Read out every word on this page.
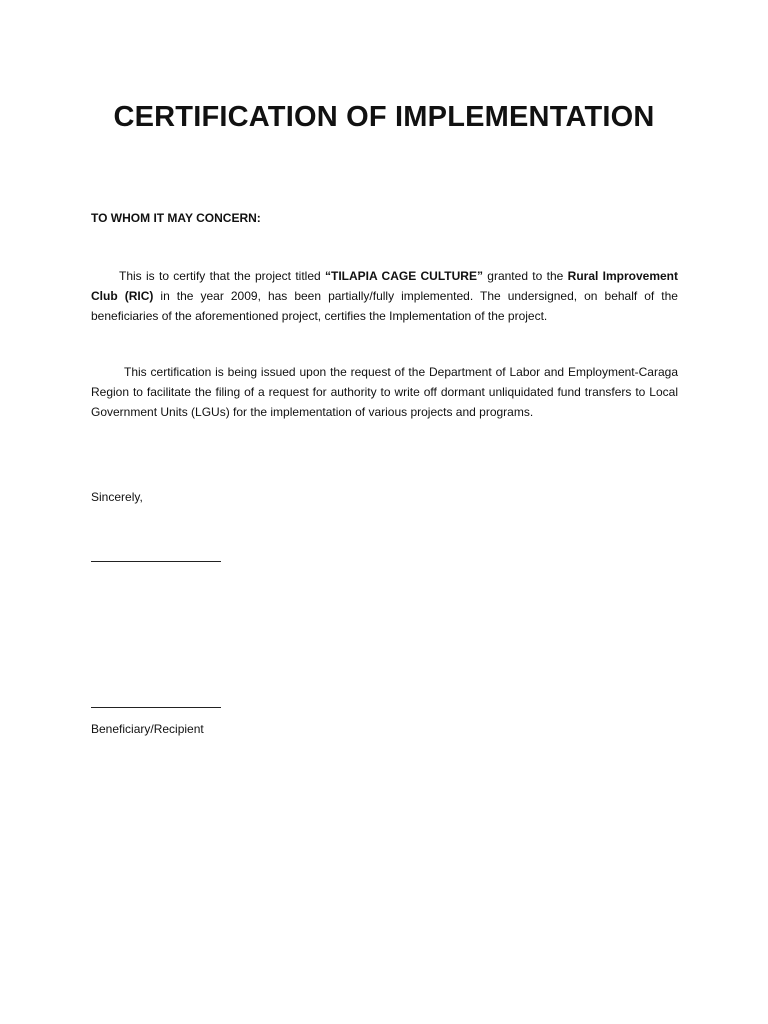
CERTIFICATION OF IMPLEMENTATION

TO WHOM IT MAY CONCERN:

This is to certify that the project titled “TILAPIA CAGE CULTURE” granted to the Rural Improvement Club (RIC) in the year 2009, has been partially/fully implemented. The undersigned, on behalf of the beneficiaries of the aforementioned project, certifies the Implementation of the project.

This certification is being issued upon the request of the Department of Labor and Employment-Caraga Region to facilitate the filing of a request for authority to write off dormant unliquidated fund transfers to Local Government Units (LGUs) for the implementation of various projects and programs.

Sincerely,

Beneficiary/Recipient
